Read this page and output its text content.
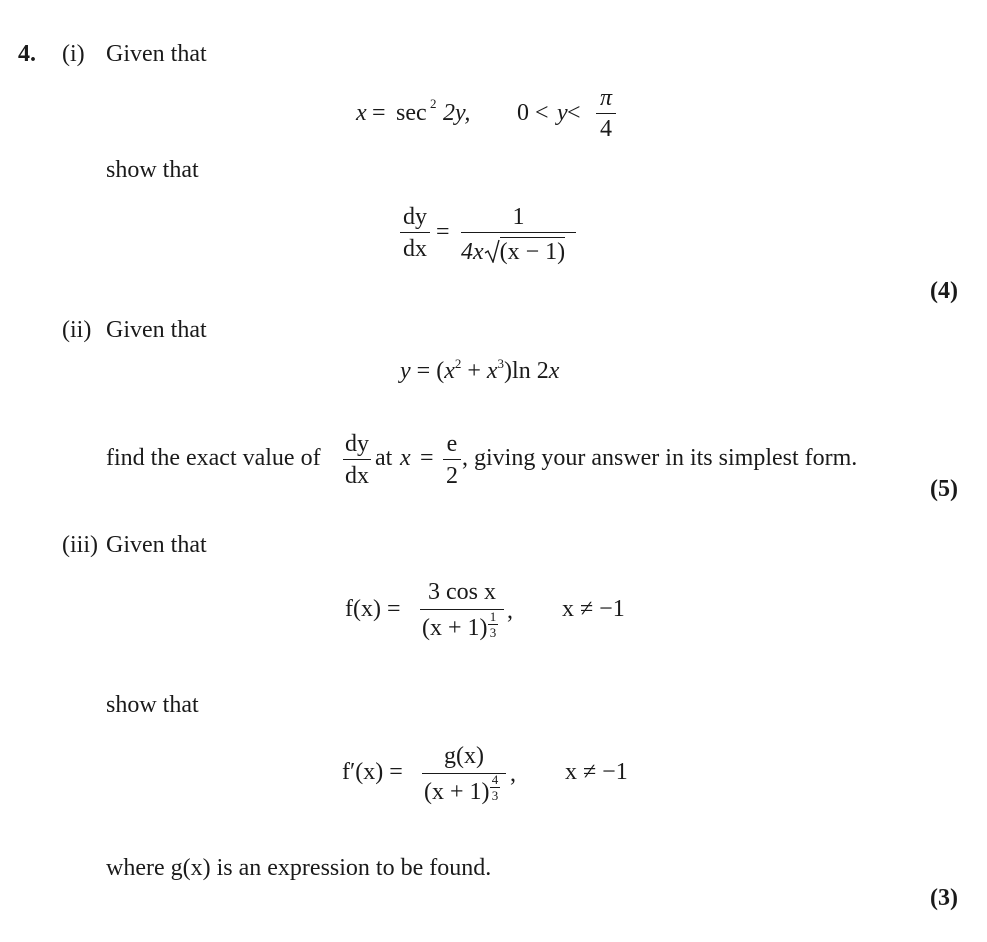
4. (i) Given that
x = sec 2 2y, 0 < y <
π
4
show that
dy
dx
=
1
4x (x − 1)
(4)
(ii) Given that
$y = (x^2 + x^3)\ln$ 2x
find the exact value of
dy
dx
at x =
e
2
, giving your answer in its simplest form.
(5)
(iii) Given that
f(x) =
3 cos x
(x + 1) 1
3
, x ≠ −1
show that
f′(x) =
g(x)
(x + 1) 4
3
, x ≠ −1
where g(x) is an expression to be found.
(3)
